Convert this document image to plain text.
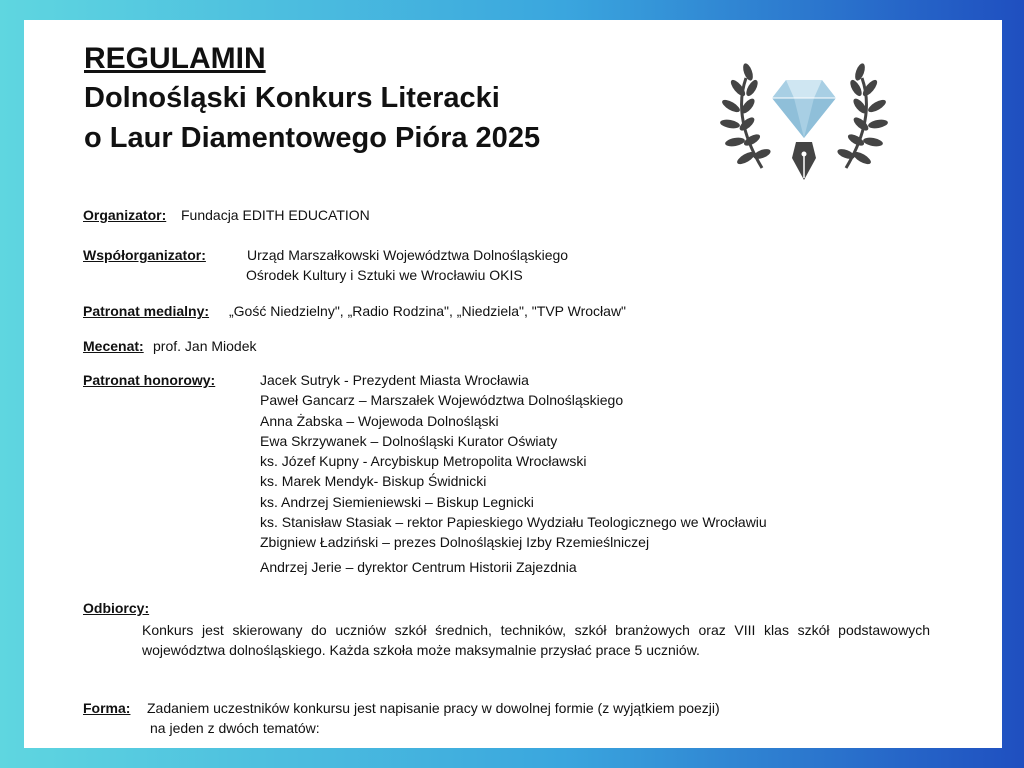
REGULAMIN
Dolnośląski Konkurs Literacki
o Laur Diamentowego Pióra 2025
Organizator: Fundacja EDITH EDUCATION
Współorganizator:	Urząd Marszałkowski Województwa Dolnośląskiego
Ośrodek Kultury i Sztuki we Wrocławiu OKIS
Patronat medialny: „Gość Niedzielny", „Radio Rodzina", „Niedziela", "TVP Wrocław"
Mecenat: prof. Jan Miodek
Patronat honorowy:	Jacek Sutryk - Prezydent Miasta Wrocławia
Paweł Gancarz – Marszałek Województwa Dolnośląskiego
Anna Żabska – Wojewoda Dolnośląski
Ewa Skrzywanek – Dolnośląski Kurator Oświaty
ks. Józef Kupny - Arcybiskup Metropolita Wrocławski
ks. Marek Mendyk- Biskup Świdnicki
ks. Andrzej Siemieniewski – Biskup Legnicki
ks. Stanisław Stasiak – rektor Papieskiego Wydziału Teologicznego we Wrocławiu
Zbigniew Ładziński – prezes Dolnośląskiej Izby Rzemieślniczej
Andrzej Jerie – dyrektor Centrum Historii Zajezdnia
Odbiorcy:
Konkurs jest skierowany do uczniów szkół średnich, techników, szkół branżowych oraz VIII klas szkół podstawowych województwa dolnośląskiego. Każda szkoła może maksymalnie przysłać prace 5 uczniów.
Forma: Zadaniem uczestników konkursu jest napisanie pracy w dowolnej formie (z wyjątkiem poezji)
na jeden z dwóch tematów:
